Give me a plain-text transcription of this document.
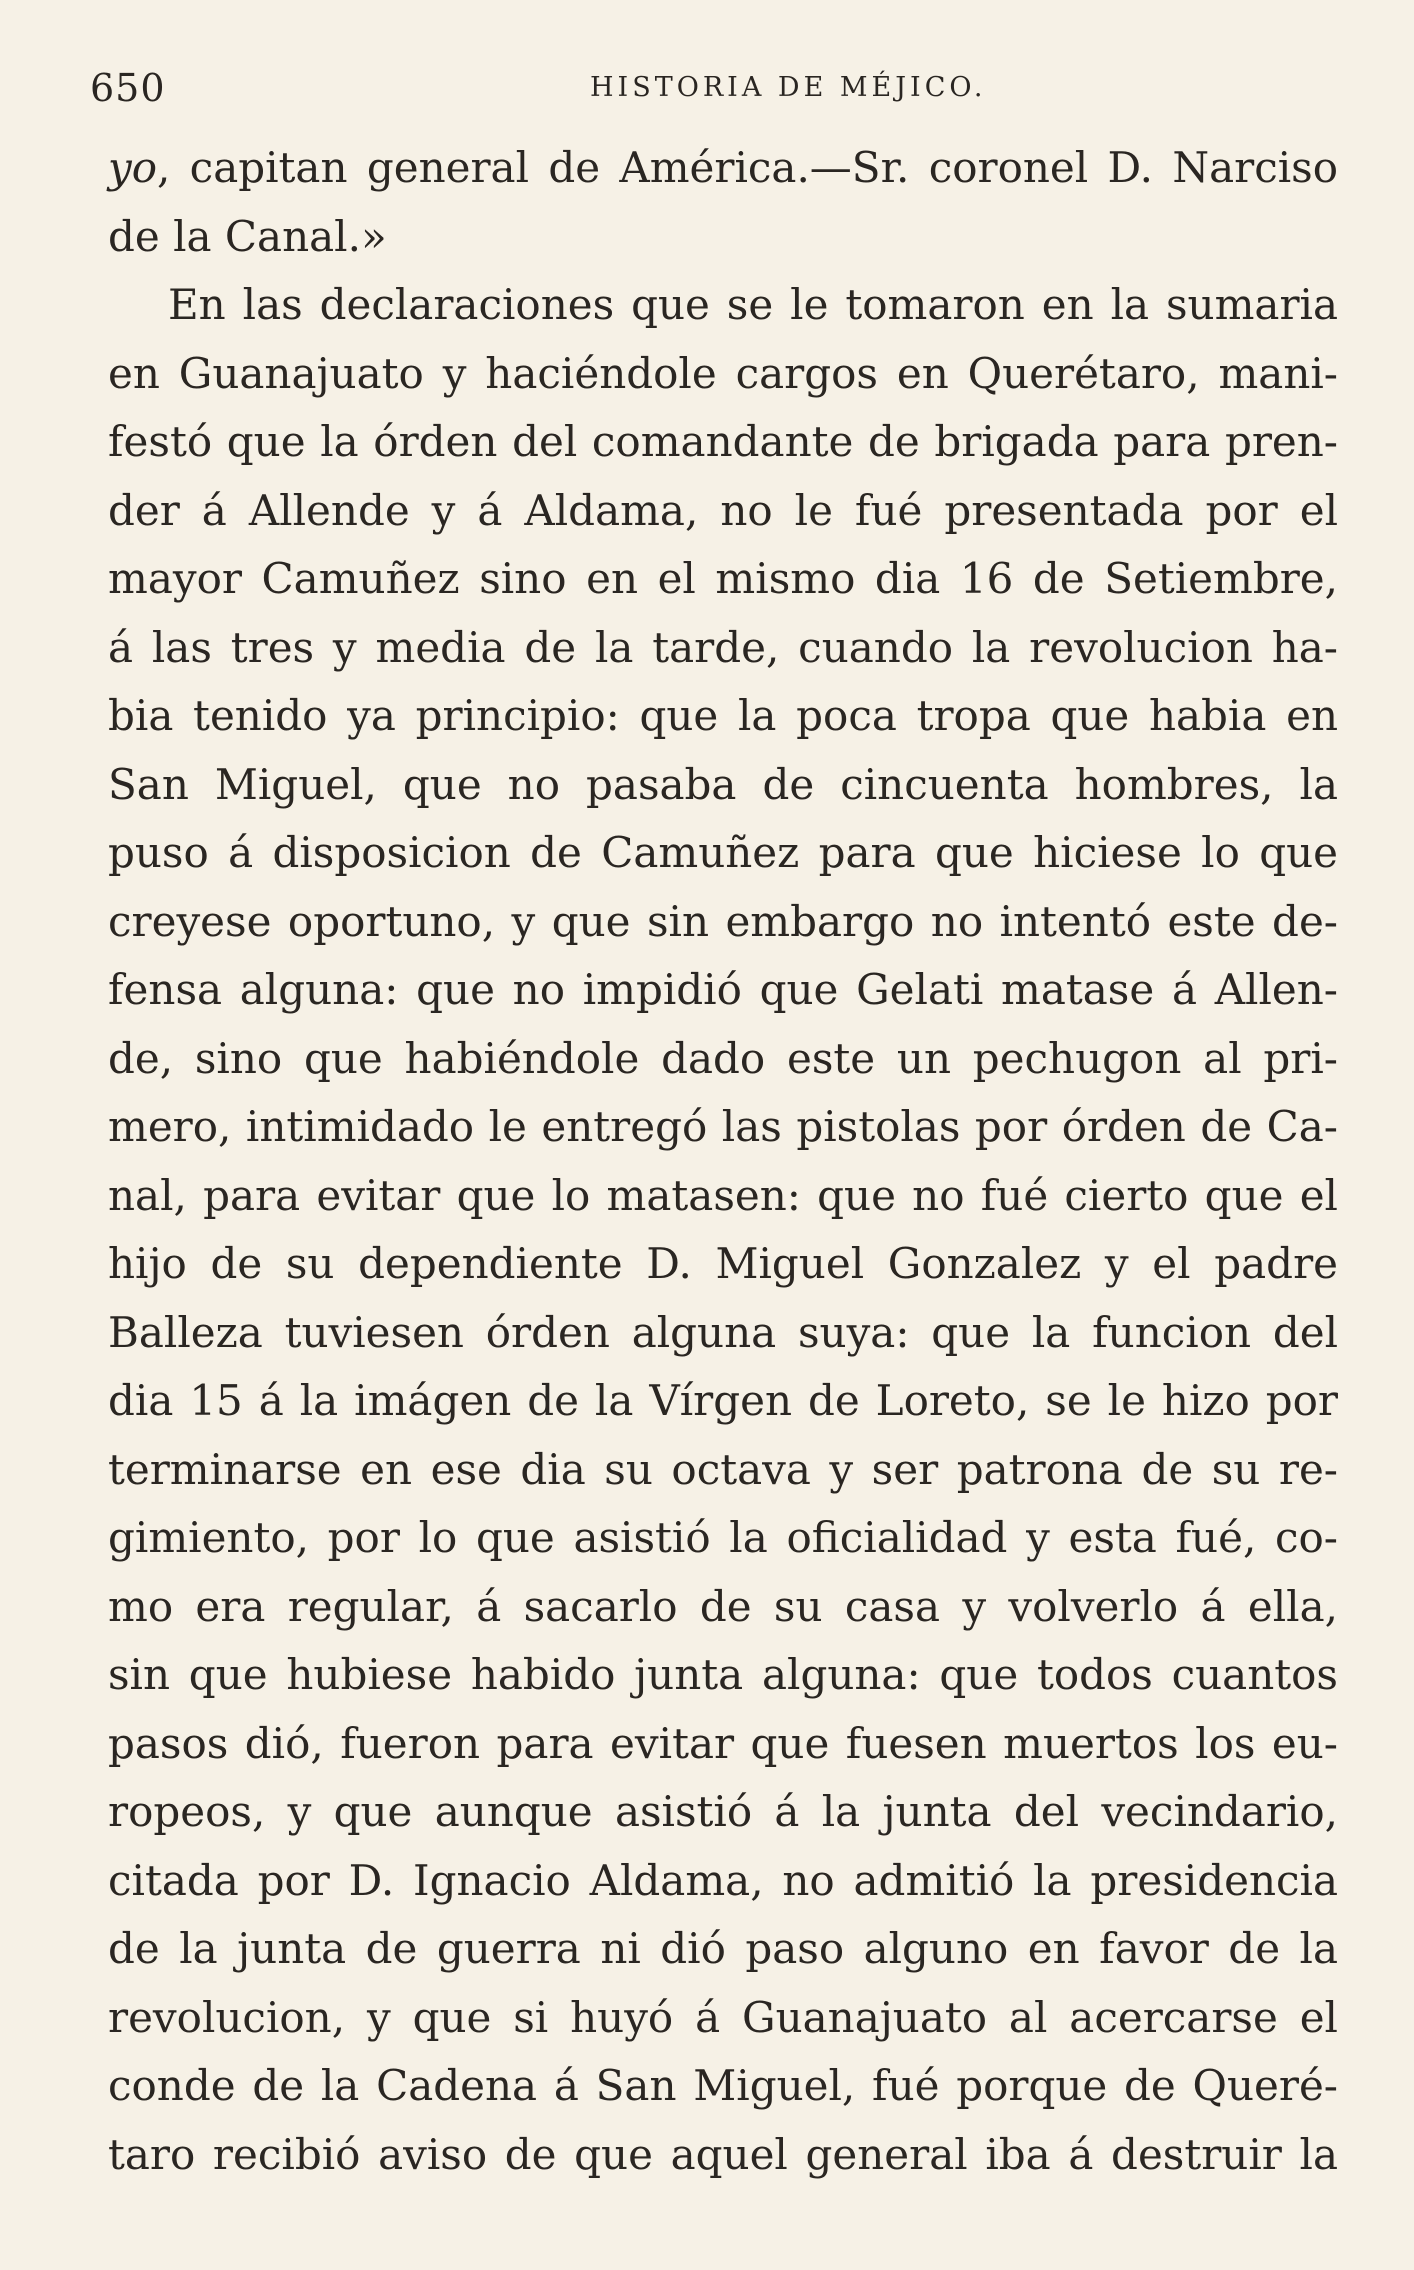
650	HISTORIA DE MÉJICO.
yo, capitan general de América.—Sr. coronel D. Narciso
de la Canal.»
En las declaraciones que se le tomaron en la sumaria
en Guanajuato y haciéndole cargos en Querétaro, mani-
festó que la órden del comandante de brigada para pren-
der á Allende y á Aldama, no le fué presentada por el
mayor Camuñez sino en el mismo dia 16 de Setiembre,
á las tres y media de la tarde, cuando la revolucion ha-
bia tenido ya principio: que la poca tropa que habia en
San Miguel, que no pasaba de cincuenta hombres, la
puso á disposicion de Camuñez para que hiciese lo que
creyese oportuno, y que sin embargo no intentó este de-
fensa alguna: que no impidió que Gelati matase á Allen-
de, sino que habiéndole dado este un pechugon al pri-
mero, intimidado le entregó las pistolas por órden de Ca-
nal, para evitar que lo matasen: que no fué cierto que el
hijo de su dependiente D. Miguel Gonzalez y el padre
Balleza tuviesen órden alguna suya: que la funcion del
dia 15 á la imágen de la Vírgen de Loreto, se le hizo por
terminarse en ese dia su octava y ser patrona de su re-
gimiento, por lo que asistió la oficialidad y esta fué, co-
mo era regular, á sacarlo de su casa y volverlo á ella,
sin que hubiese habido junta alguna: que todos cuantos
pasos dió, fueron para evitar que fuesen muertos los eu-
ropeos, y que aunque asistió á la junta del vecindario,
citada por D. Ignacio Aldama, no admitió la presidencia
de la junta de guerra ni dió paso alguno en favor de la
revolucion, y que si huyó á Guanajuato al acercarse el
conde de la Cadena á San Miguel, fué porque de Queré-
taro recibió aviso de que aquel general iba á destruir la
